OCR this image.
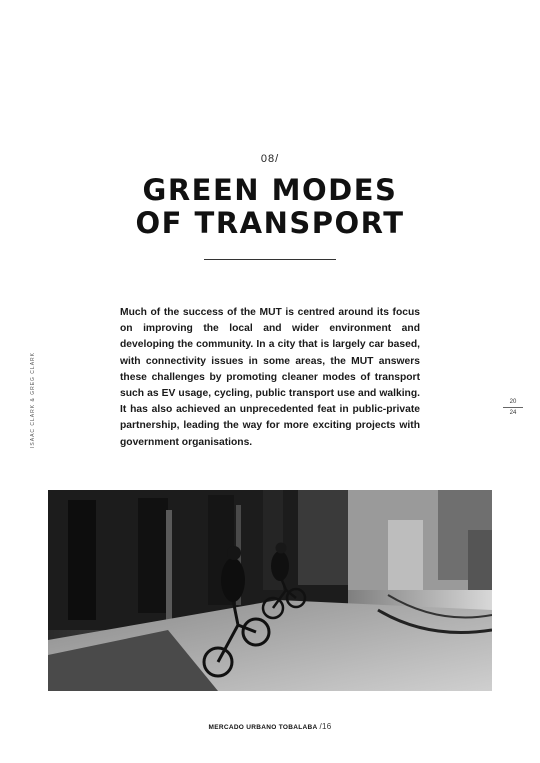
08/
GREEN MODES
OF TRANSPORT

Much of the success of the MUT is centred around its focus on improving the local and wider environment and developing the community. In a city that is largely car based, with connectivity issues in some areas, the MUT answers these challenges by promoting cleaner modes of transport such as EV usage, cycling, public transport use and walking. It has also achieved an unprecedented feat in public-private partnership, leading the way for more exciting projects with government organisations.

ISAAC CLARK & GREG CLARK	20
24
MERCADO URBANO TOBALABA /16
